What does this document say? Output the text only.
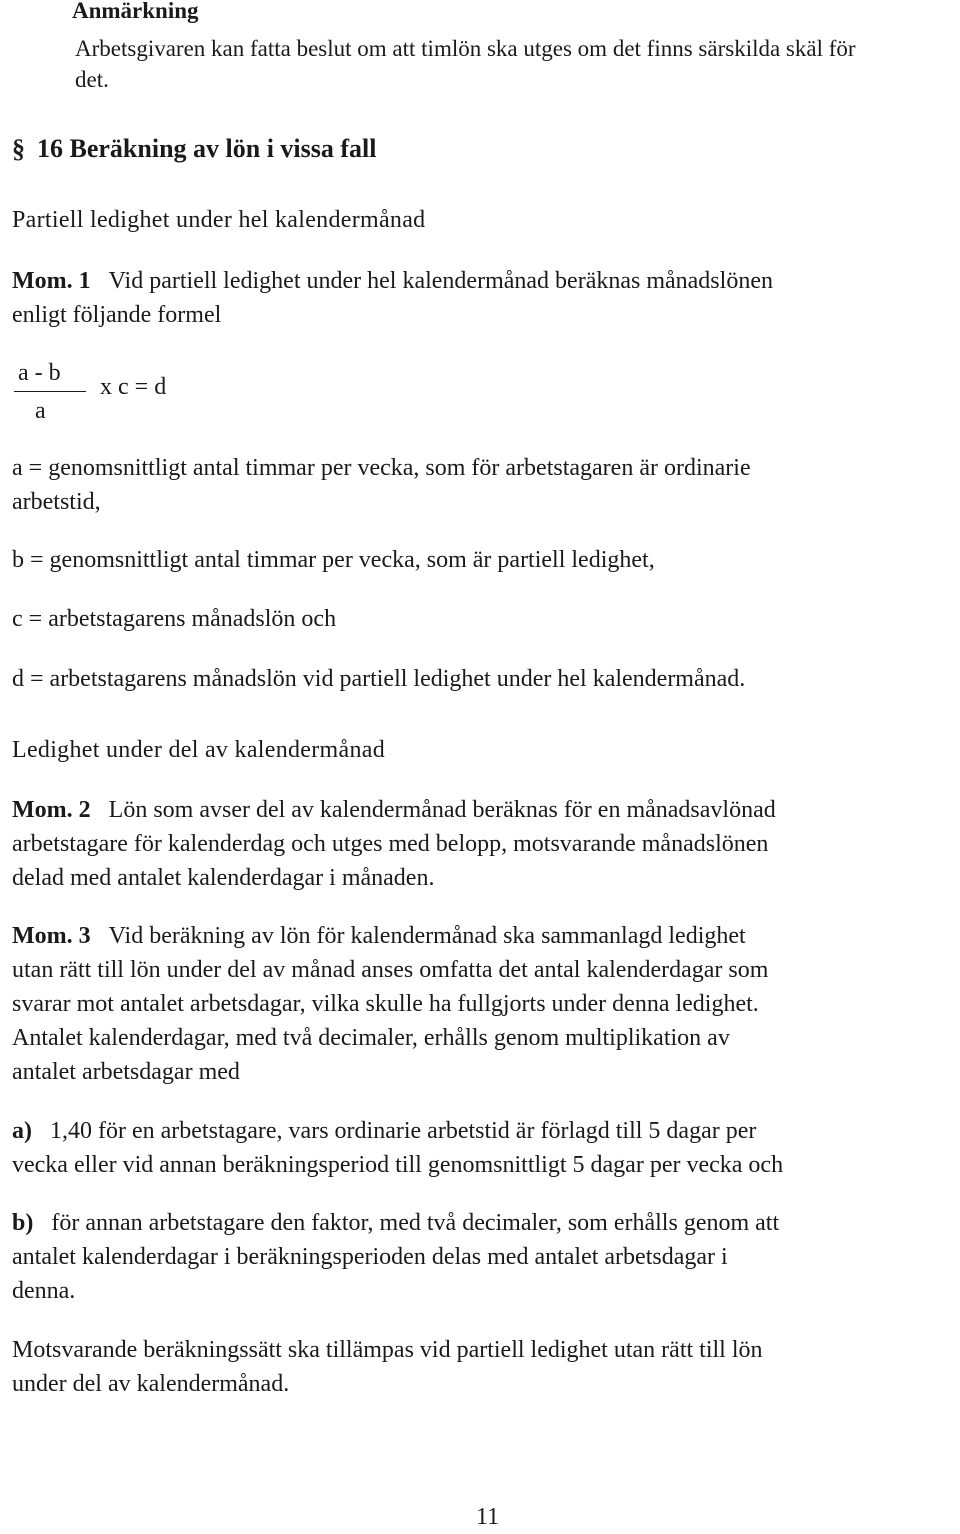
Anmärkning
Arbetsgivaren kan fatta beslut om att timlön ska utges om det finns särskilda skäl för
det.
§ 16 Beräkning av lön i vissa fall
Partiell ledighet under hel kalendermånad
Mom. 1 Vid partiell ledighet under hel kalendermånad beräknas månadslönen
enligt följande formel
a - b
a
x c = d
a = genomsnittligt antal timmar per vecka, som för arbetstagaren är ordinarie
arbetstid,
b = genomsnittligt antal timmar per vecka, som är partiell ledighet,
c = arbetstagarens månadslön och
d = arbetstagarens månadslön vid partiell ledighet under hel kalendermånad.
Ledighet under del av kalendermånad
Mom. 2 Lön som avser del av kalendermånad beräknas för en månadsavlönad
arbetstagare för kalenderdag och utges med belopp, motsvarande månadslönen
delad med antalet kalenderdagar i månaden.
Mom. 3 Vid beräkning av lön för kalendermånad ska sammanlagd ledighet
utan rätt till lön under del av månad anses omfatta det antal kalenderdagar som
svarar mot antalet arbetsdagar, vilka skulle ha fullgjorts under denna ledighet.
Antalet kalenderdagar, med två decimaler, erhålls genom multiplikation av
antalet arbetsdagar med
a) 1,40 för en arbetstagare, vars ordinarie arbetstid är förlagd till 5 dagar per
vecka eller vid annan beräkningsperiod till genomsnittligt 5 dagar per vecka och
b) för annan arbetstagare den faktor, med två decimaler, som erhålls genom att
antalet kalenderdagar i beräkningsperioden delas med antalet arbetsdagar i
denna.
Motsvarande beräkningssätt ska tillämpas vid partiell ledighet utan rätt till lön
under del av kalendermånad.
11
